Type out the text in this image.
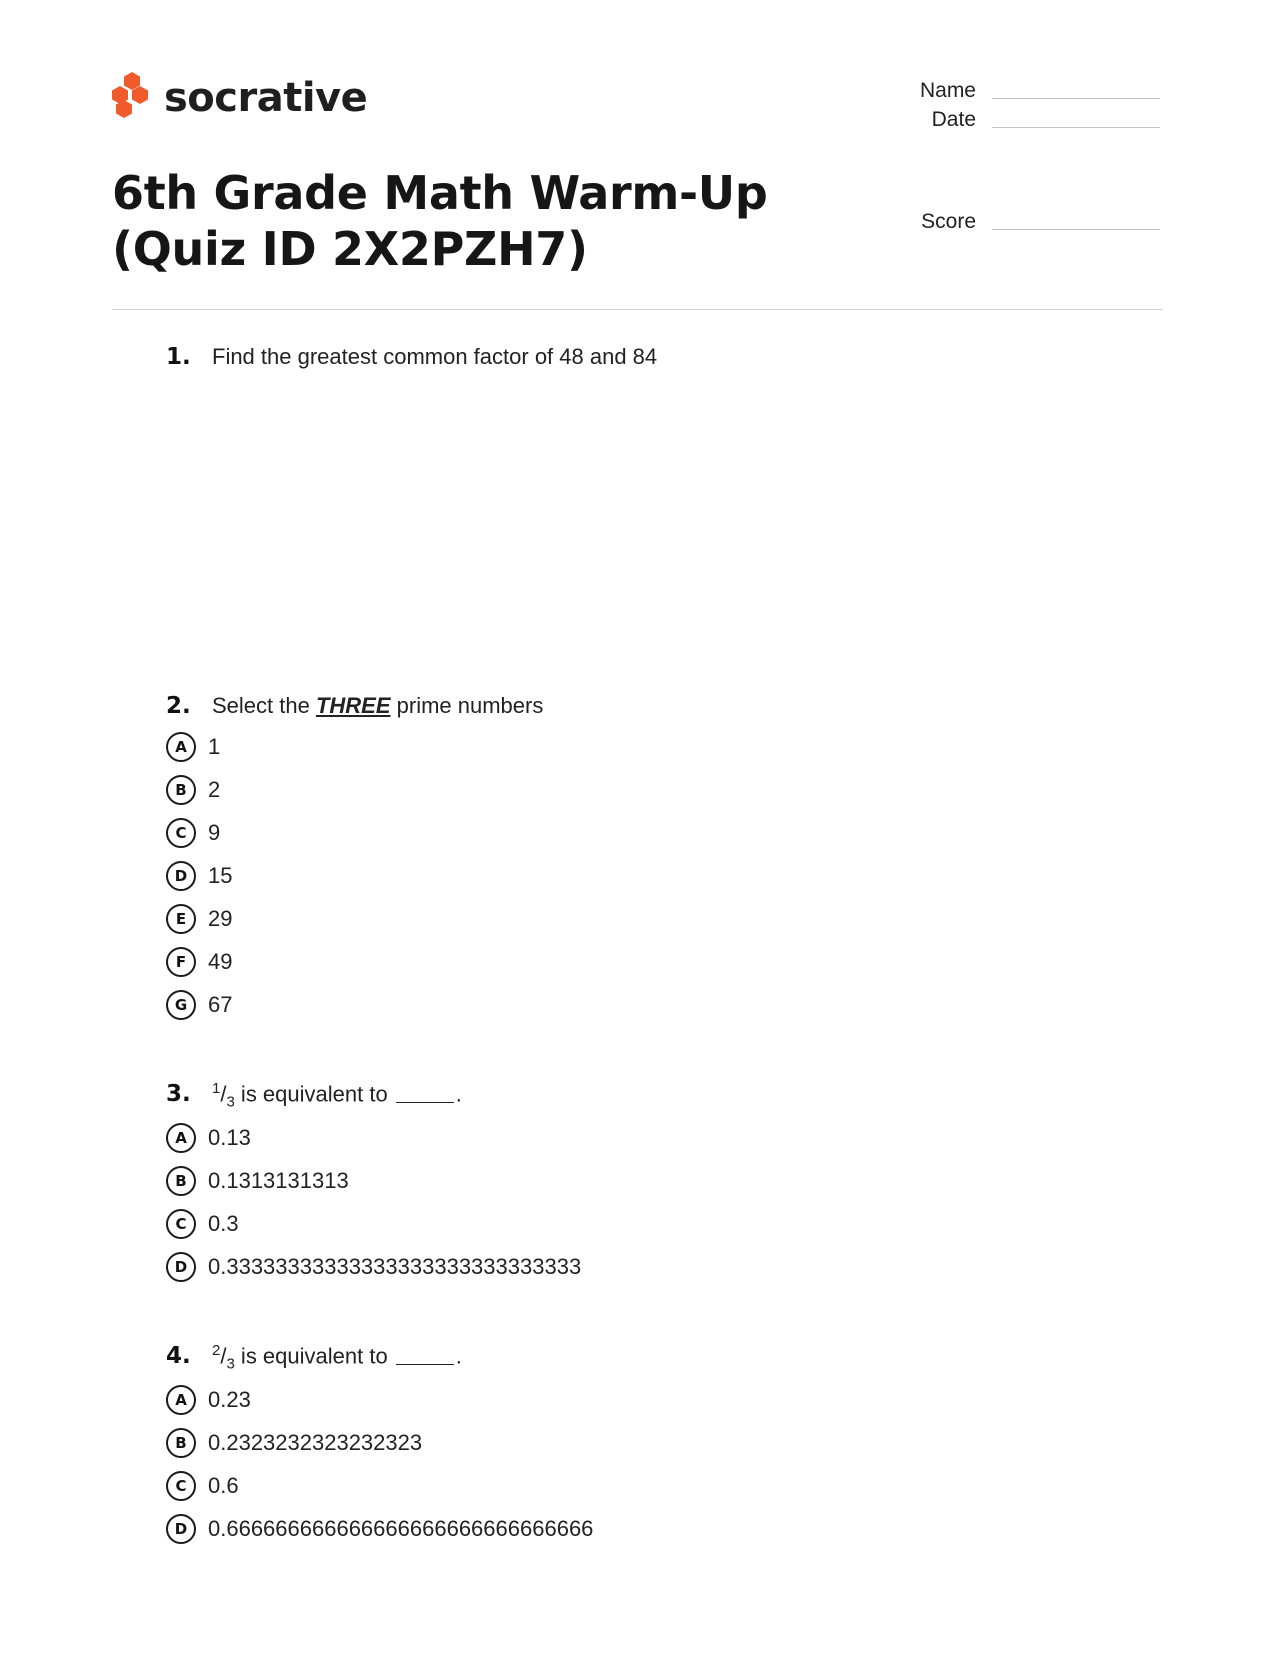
socrative	Name
Date
Score
6th Grade Math Warm-Up (Quiz ID 2X2PZH7)
1. Find the greatest common factor of 48 and 84
2. Select the THREE prime numbers
A 1
B 2
C 9
D 15
E 29
F 49
G 67
3.	$^1/_3$ is equivalent to	.
A 0.13
B 0.1313131313
C 0.3
D 0.33333333333333333333333333333
4.	$^2/_3$ is equivalent to	.
A 0.23
B 0.2323232323232323
C 0.6
D 0.666666666666666666666666666666
